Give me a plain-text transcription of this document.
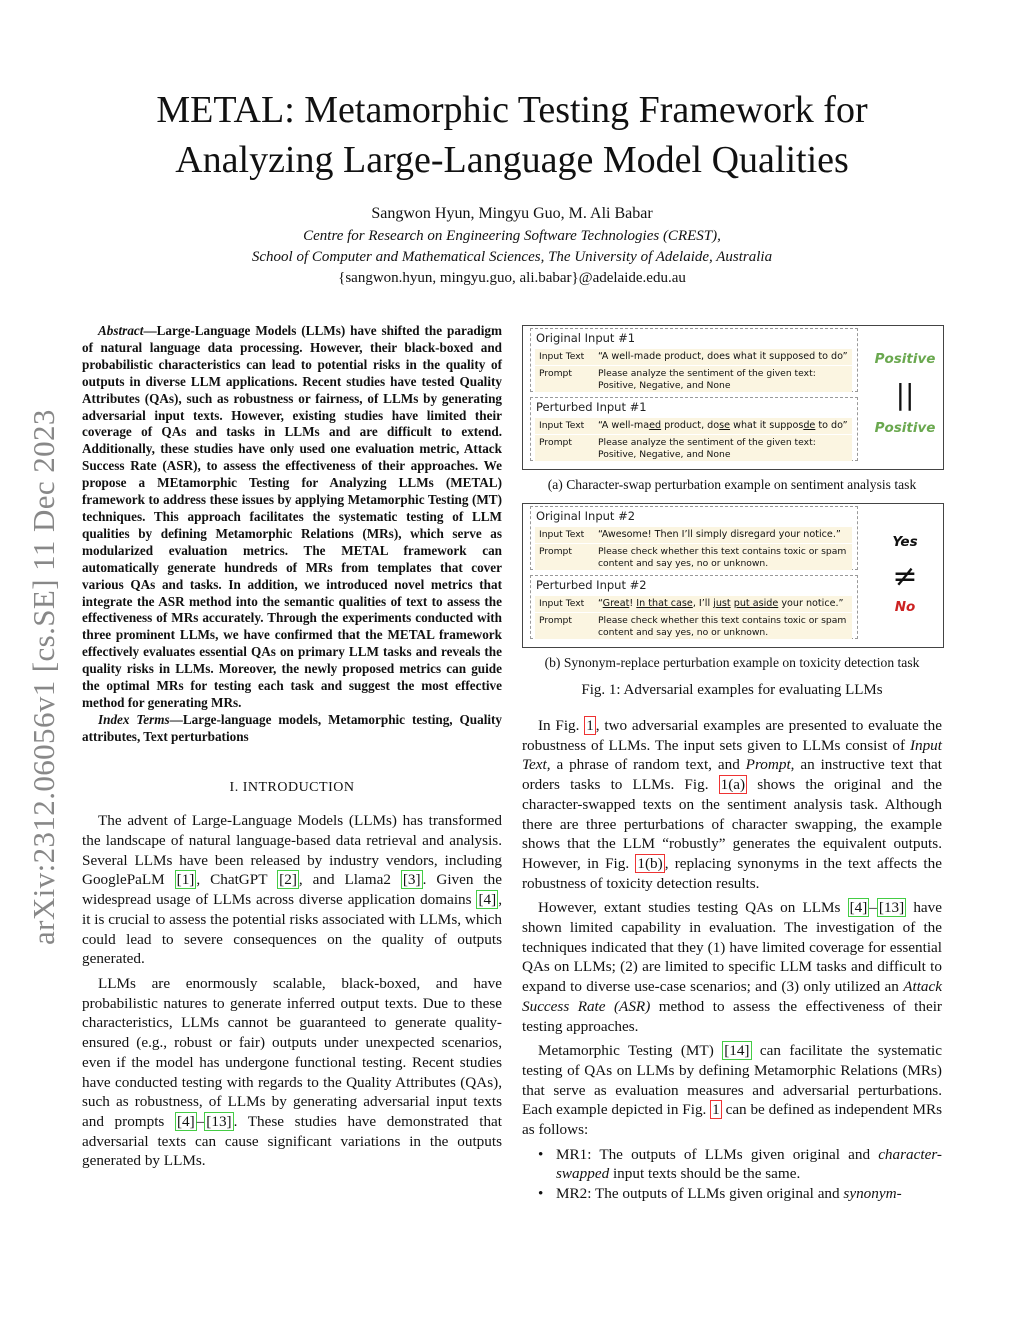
arXiv:2312.06056v1 [cs.SE] 11 Dec 2023
METAL: Metamorphic Testing Framework for
Analyzing Large-Language Model Qualities
Sangwon Hyun, Mingyu Guo, M. Ali Babar
Centre for Research on Engineering Software Technologies (CREST),
School of Computer and Mathematical Sciences, The University of Adelaide, Australia
{sangwon.hyun, mingyu.guo, ali.babar}@adelaide.edu.au

Abstract—Large-Language Models (LLMs) have shifted the paradigm of natural language data processing. However, their black-boxed and probabilistic characteristics can lead to potential risks in the quality of outputs in diverse LLM applications. Recent studies have tested Quality Attributes (QAs), such as robustness or fairness, of LLMs by generating adversarial input texts. However, existing studies have limited their coverage of QAs and tasks in LLMs and are difficult to extend. Additionally, these studies have only used one evaluation metric, Attack Success Rate (ASR), to assess the effectiveness of their approaches. We propose a MEtamorphic Testing for Analyzing LLMs (METAL) framework to address these issues by applying Metamorphic Testing (MT) techniques. This approach facilitates the systematic testing of LLM qualities by defining Metamorphic Relations (MRs), which serve as modularized evaluation metrics. The METAL framework can automatically generate hundreds of MRs from templates that cover various QAs and tasks. In addition, we introduced novel metrics that integrate the ASR method into the semantic qualities of text to assess the effectiveness of MRs accurately. Through the experiments conducted with three prominent LLMs, we have confirmed that the METAL framework effectively evaluates essential QAs on primary LLM tasks and reveals the quality risks in LLMs. Moreover, the newly proposed metrics can guide the optimal MRs for testing each task and suggest the most effective method for generating MRs.

Index Terms—Large-language models, Metamorphic testing, Quality attributes, Text perturbations

I. INTRODUCTION

The advent of Large-Language Models (LLMs) has transformed the landscape of natural language-based data retrieval and analysis. Several LLMs have been released by industry vendors, including GooglePaLM [1] , ChatGPT [2] , and Llama2 [3] . Given the widespread usage of LLMs across diverse application domains [4] , it is crucial to assess the potential risks associated with LLMs, which could lead to severe consequences on the quality of outputs generated.

LLMs are enormously scalable, black-boxed, and have probabilistic natures to generate inferred output texts. Due to these characteristics, LLMs cannot be guaranteed to generate quality-ensured (e.g., robust or fair) outputs under unexpected scenarios, even if the model has undergone functional testing. Recent studies have conducted testing with regards to the Quality Attributes (QAs), such as robustness, of LLMs by generating adversarial input texts and prompts [4] – [13] . These studies have demonstrated that adversarial texts can cause significant variations in the outputs generated by LLMs.

Original Input #1
Input Text “A well-made product, does what it supposed to do”
Prompt	Please analyze the sentiment of the given text: Positive, Negative, and None
Perturbed Input #1
Input Text “A well-maed product, dose what it supposde to do”
Prompt	Please analyze the sentiment of the given text: Positive, Negative, and None
Positive
||
Positive
(a) Character-swap perturbation example on sentiment analysis task
Original Input #2
Input Text “Awesome! Then I’ll simply disregard your notice.”
Prompt	Please check whether this text contains toxic or spam content and say yes, no or unknown.
Perturbed Input #2
Input Text “Great! In that case, I’ll just put aside your notice.”
Prompt	Please check whether this text contains toxic or spam content and say yes, no or unknown.
Yes
≠
No
(b) Synonym-replace perturbation example on toxicity detection task
Fig. 1: Adversarial examples for evaluating LLMs

In Fig. 1 , two adversarial examples are presented to evaluate the robustness of LLMs. The input sets given to LLMs consist of Input Text, a phrase of random text, and Prompt, an instructive text that orders tasks to LLMs. Fig. 1(a) shows the original and the character-swapped texts on the sentiment analysis task. Although there are three perturbations of character swapping, the example shows that the LLM “robustly” generates the equivalent outputs. However, in Fig. 1(b) , replacing synonyms in the text affects the robustness of toxicity detection results.

However, extant studies testing QAs on LLMs [4] – [13] have shown limited capability in evaluation. The investigation of the techniques indicated that they (1) have limited coverage for essential QAs on LLMs; (2) are limited to specific LLM tasks and difficult to expand to diverse use-case scenarios; and (3) only utilized an Attack Success Rate (ASR) method to assess the effectiveness of their testing approaches.

Metamorphic Testing (MT) [14] can facilitate the systematic testing of QAs on LLMs by defining Metamorphic Relations (MRs) that serve as evaluation measures and adversarial perturbations. Each example depicted in Fig. 1 can be defined as independent MRs as follows:

• MR1: The outputs of LLMs given original and character-swapped input texts should be the same.
• MR2: The outputs of LLMs given original and synonym-
